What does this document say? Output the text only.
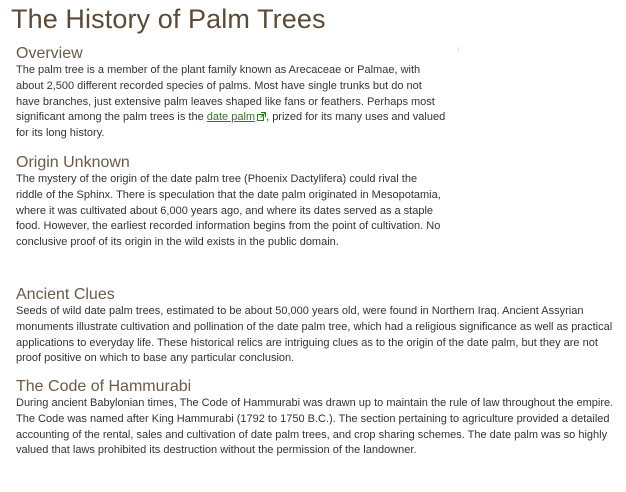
The History of Palm Trees
Overview

The palm tree is a member of the plant family known as Arecaceae or Palmae, with about 2,500 different recorded species of palms. Most have single trunks but do not have branches, just extensive palm leaves shaped like fans or feathers. Perhaps most significant among the palm trees is the date palm , prized for its many uses and valued for its long history.

Origin Unknown

The mystery of the origin of the date palm tree (Phoenix Dactylifera) could rival the riddle of the Sphinx. There is speculation that the date palm originated in Mesopotamia, where it was cultivated about 6,000 years ago, and where its dates served as a staple food. However, the earliest recorded information begins from the point of cultivation. No conclusive proof of its origin in the wild exists in the public domain.

Ancient Clues

Seeds of wild date palm trees, estimated to be about 50,000 years old, were found in Northern Iraq. Ancient Assyrian monuments illustrate cultivation and pollination of the date palm tree, which had a religious significance as well as practical applications to everyday life. These historical relics are intriguing clues as to the origin of the date palm, but they are not proof positive on which to base any particular conclusion.

The Code of Hammurabi

During ancient Babylonian times, The Code of Hammurabi was drawn up to maintain the rule of law throughout the empire. The Code was named after King Hammurabi (1792 to 1750 B.C.). The section pertaining to agriculture provided a detailed accounting of the rental, sales and cultivation of date palm trees, and crop sharing schemes. The date palm was so highly valued that laws prohibited its destruction without the permission of the landowner.
